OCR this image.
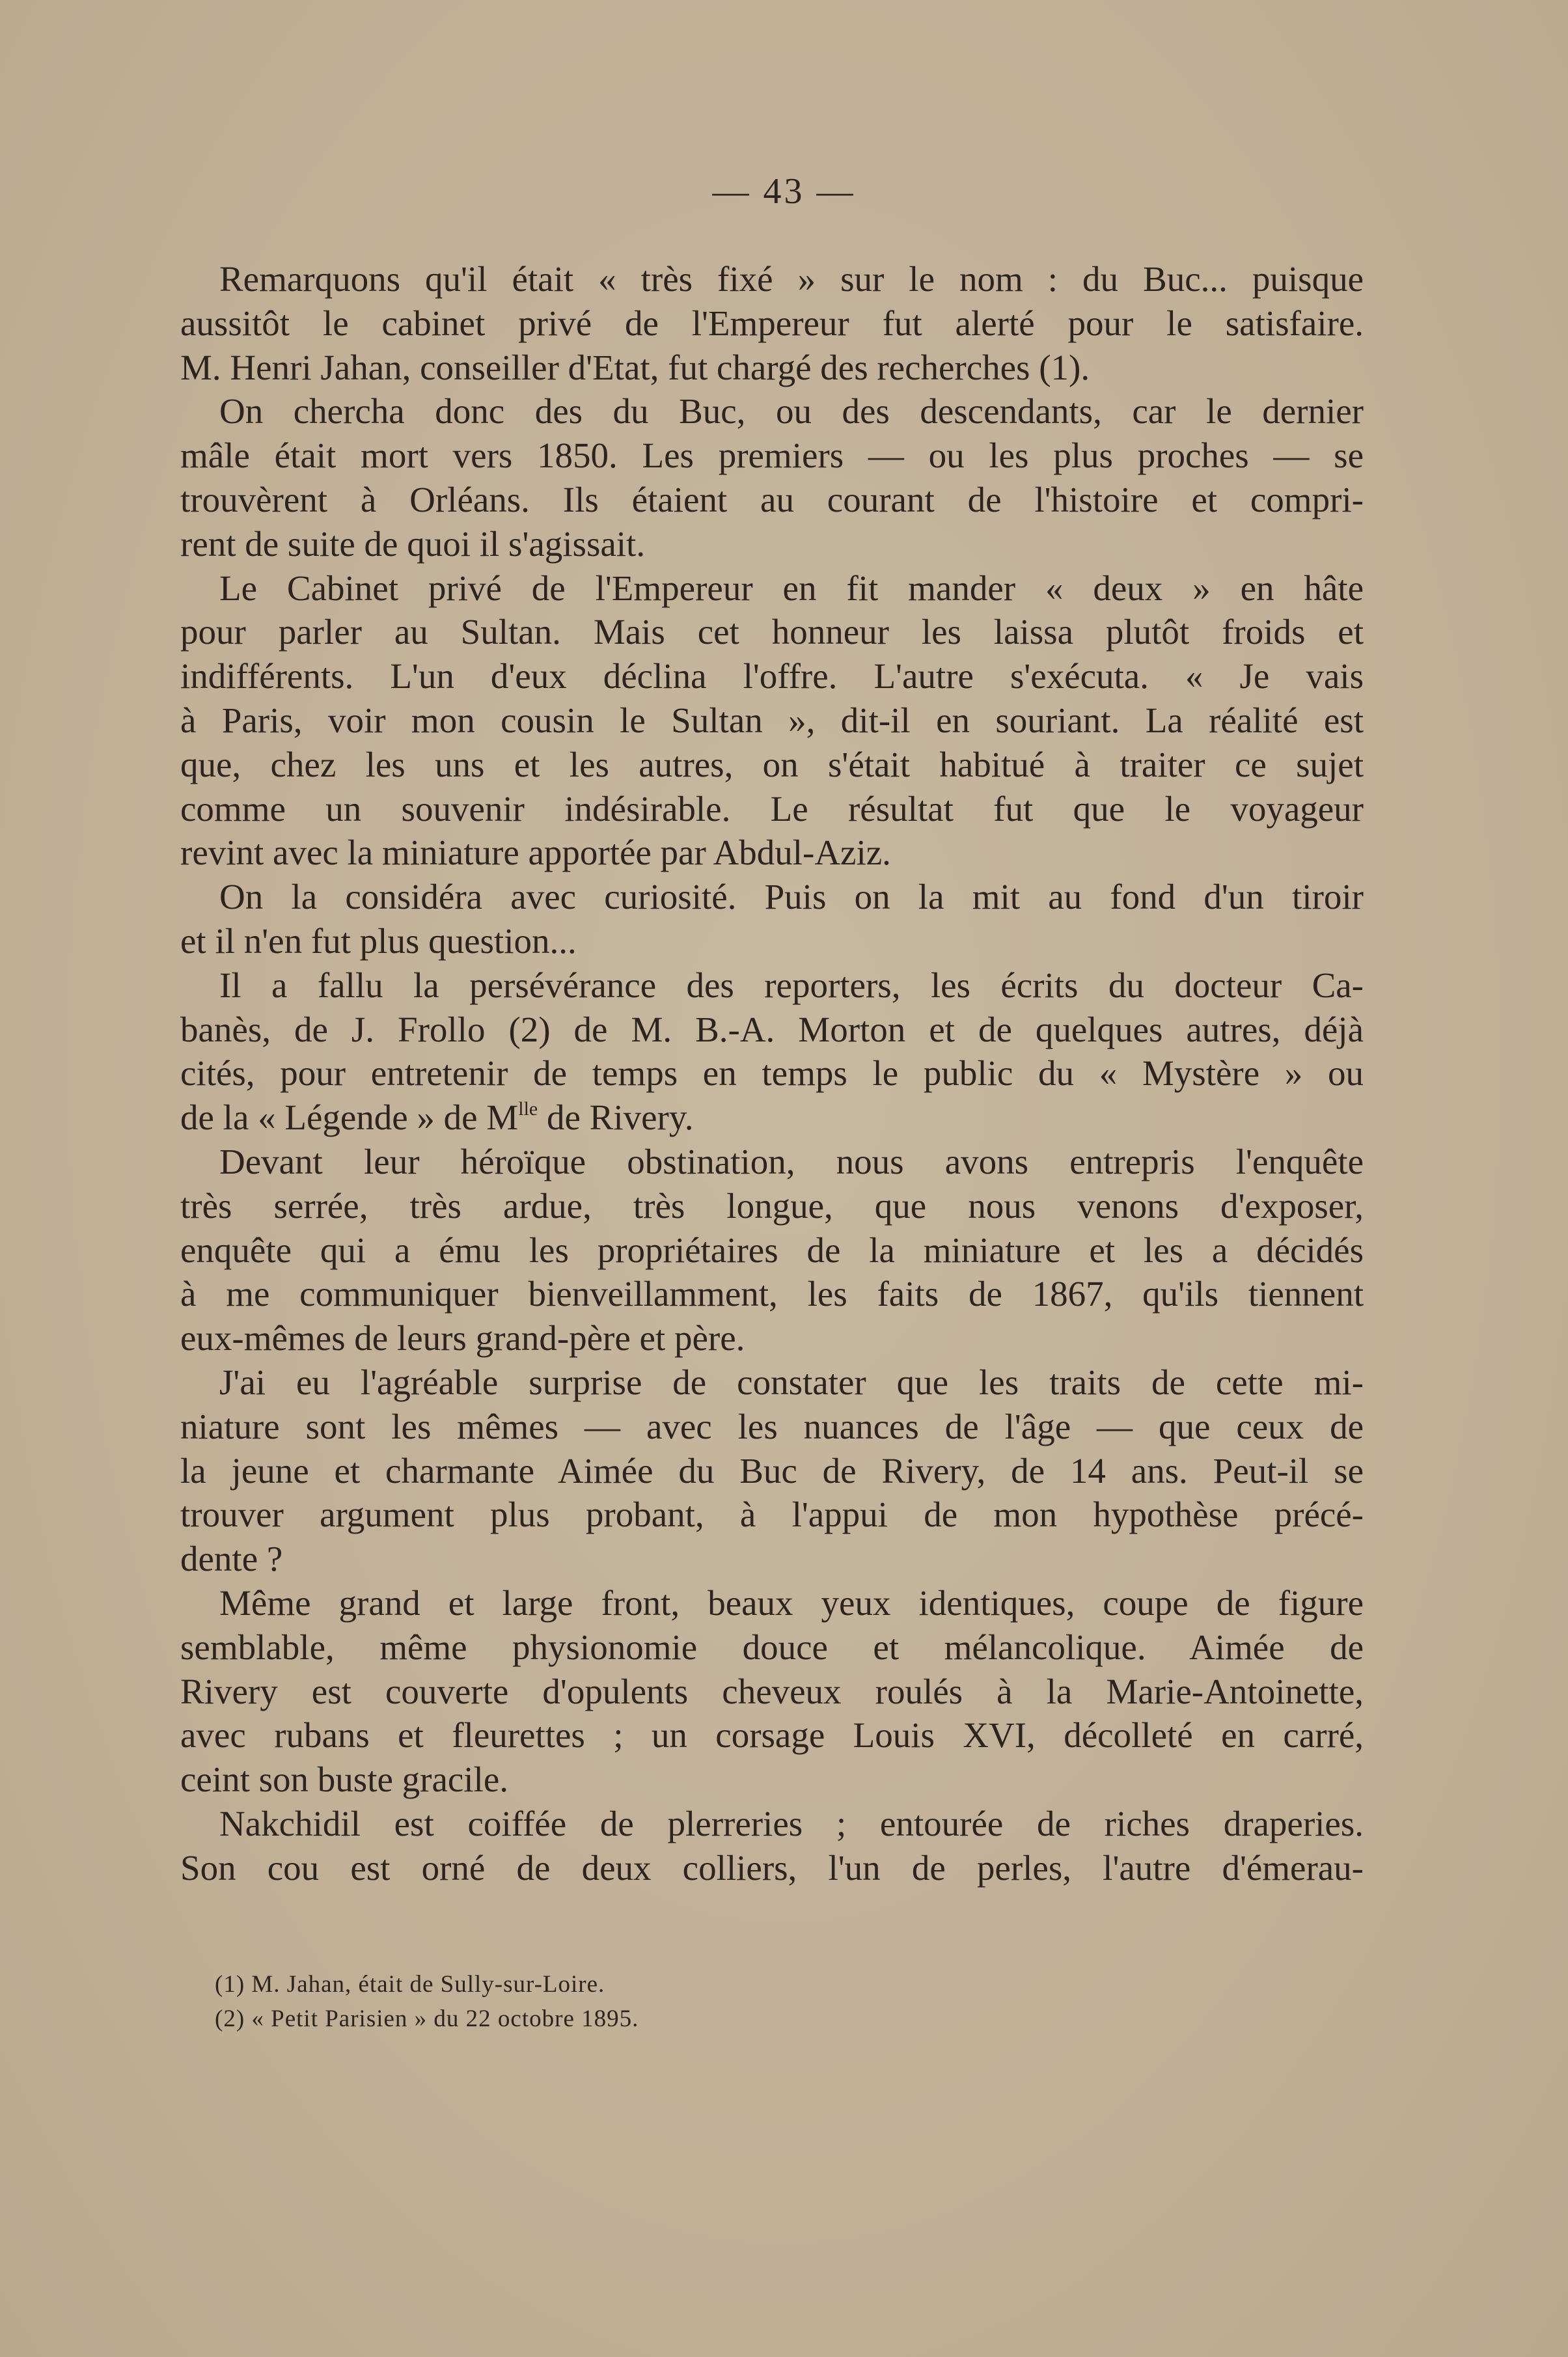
— 43 —
Remarquons qu'il était « très fixé » sur le nom : du Buc... puisque
aussitôt le cabinet privé de l'Empereur fut alerté pour le satisfaire.
M. Henri Jahan, conseiller d'Etat, fut chargé des recherches (1).
On chercha donc des du Buc, ou des descendants, car le dernier
mâle était mort vers 1850. Les premiers — ou les plus proches — se
trouvèrent à Orléans. Ils étaient au courant de l'histoire et compri-
rent de suite de quoi il s'agissait.
Le Cabinet privé de l'Empereur en fit mander « deux » en hâte
pour parler au Sultan. Mais cet honneur les laissa plutôt froids et
indifférents. L'un d'eux déclina l'offre. L'autre s'exécuta. « Je vais
à Paris, voir mon cousin le Sultan », dit-il en souriant. La réalité est
que, chez les uns et les autres, on s'était habitué à traiter ce sujet
comme un souvenir indésirable. Le résultat fut que le voyageur
revint avec la miniature apportée par Abdul-Aziz.
On la considéra avec curiosité. Puis on la mit au fond d'un tiroir
et il n'en fut plus question...
Il a fallu la persévérance des reporters, les écrits du docteur Ca-
banès, de J. Frollo (2) de M. B.-A. Morton et de quelques autres, déjà
cités, pour entretenir de temps en temps le public du « Mystère » ou
de la « Légende » de $M^{lle}$ de Rivery.
Devant leur héroïque obstination, nous avons entrepris l'enquête
très serrée, très ardue, très longue, que nous venons d'exposer,
enquête qui a ému les propriétaires de la miniature et les a décidés
à me communiquer bienveillamment, les faits de 1867, qu'ils tiennent
eux-mêmes de leurs grand-père et père.
J'ai eu l'agréable surprise de constater que les traits de cette mi-
niature sont les mêmes — avec les nuances de l'âge — que ceux de
la jeune et charmante Aimée du Buc de Rivery, de 14 ans. Peut-il se
trouver argument plus probant, à l'appui de mon hypothèse précé-
dente ?
Même grand et large front, beaux yeux identiques, coupe de figure
semblable, même physionomie douce et mélancolique. Aimée de
Rivery est couverte d'opulents cheveux roulés à la Marie-Antoinette,
avec rubans et fleurettes ; un corsage Louis XVI, décolleté en carré,
ceint son buste gracile.
Nakchidil est coiffée de plerreries ; entourée de riches draperies.
Son cou est orné de deux colliers, l'un de perles, l'autre d'émerau-
(1) M. Jahan, était de Sully-sur-Loire.
(2) « Petit Parisien » du 22 octobre 1895.
